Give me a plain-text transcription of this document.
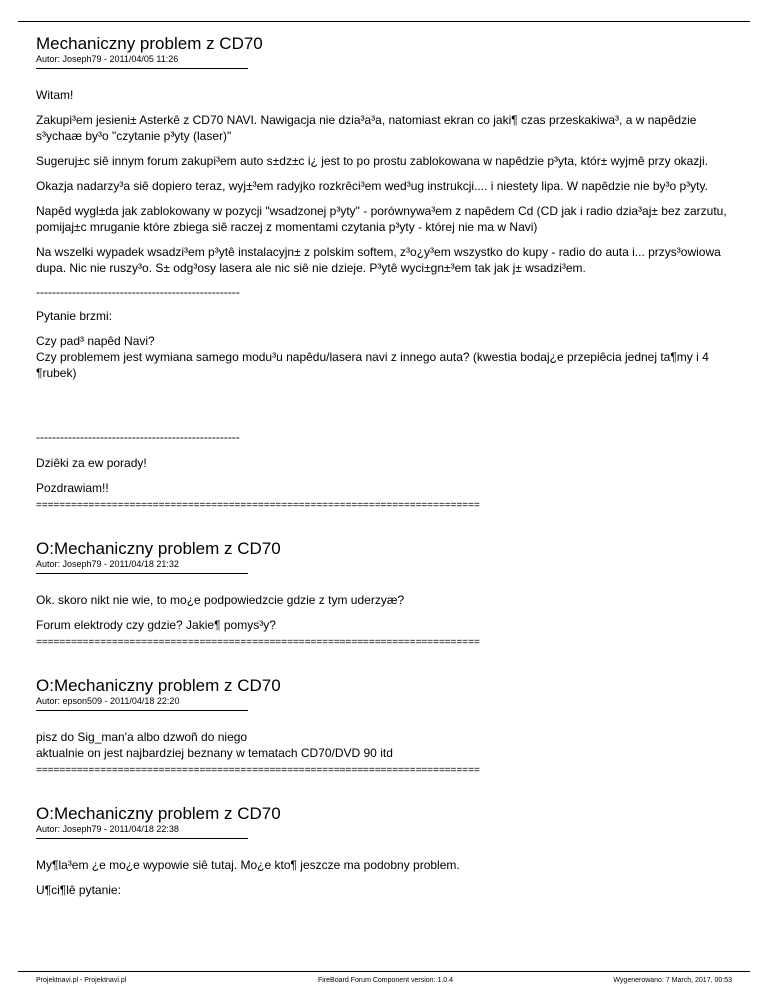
Mechaniczny problem z CD70
Autor: Joseph79 - 2011/04/05 11:26

Witam!

Zakupi³em jesieni± Asterkê z CD70 NAVI. Nawigacja nie dzia³a³a, natomiast ekran co jaki¶ czas przeskakiwa³, a w napêdzie s³ychaæ by³o "czytanie p³yty (laser)"

Sugeruj±c siê innym forum zakupi³em auto s±dz±c i¿ jest to po prostu zablokowana w napêdzie p³yta, któr± wyjmê przy okazji.

Okazja nadarzy³a siê dopiero teraz, wyj±³em radyjko rozkrêci³em wed³ug instrukcji.... i niestety lipa. W napêdzie nie by³o p³yty.

Napêd wygl±da jak zablokowany w pozycji "wsadzonej p³yty" - porównywa³em z napêdem Cd (CD jak i radio dzia³aj± bez zarzutu, pomijaj±c mruganie które zbiega siê raczej z momentami czytania p³yty - której nie ma w Navi)

Na wszelki wypadek wsadzi³em p³ytê instalacyjn± z polskim softem, z³o¿y³em wszystko do kupy - radio do auta i... przys³owiowa dupa. Nic nie ruszy³o. S± odg³osy lasera ale nic siê nie dzieje. P³ytê wyci±gn±³em tak jak j± wsadzi³em.

---------------------------------------------------

Pytanie brzmi:

Czy pad³ napêd Navi?
Czy problemem jest wymiana samego modu³u napêdu/lasera navi z innego auta? (kwestia bodaj¿e przepiêcia jednej ta¶my i 4 ¶rubek)

---------------------------------------------------

Dziêki za ew porady!

Pozdrawiam!!

============================================================================
O:Mechaniczny problem z CD70
Autor: Joseph79 - 2011/04/18 21:32

Ok. skoro nikt nie wie, to mo¿e podpowiedzcie gdzie z tym uderzyæ?

Forum elektrody czy gdzie? Jakie¶ pomys³y?

============================================================================
O:Mechaniczny problem z CD70
Autor: epson509 - 2011/04/18 22:20

pisz do Sig_man'a albo dzwoñ do niego
aktualnie on jest najbardziej beznany w tematach CD70/DVD 90 itd

============================================================================
O:Mechaniczny problem z CD70
Autor: Joseph79 - 2011/04/18 22:38

My¶la³em ¿e mo¿e wypowie siê tutaj. Mo¿e kto¶ jeszcze ma podobny problem.

U¶ci¶lê pytanie:

Projektnavi.pl - Projektnavi.pl	FireBoard Forum Component version: 1.0.4	Wygenerowano: 7 March, 2017, 00:53
